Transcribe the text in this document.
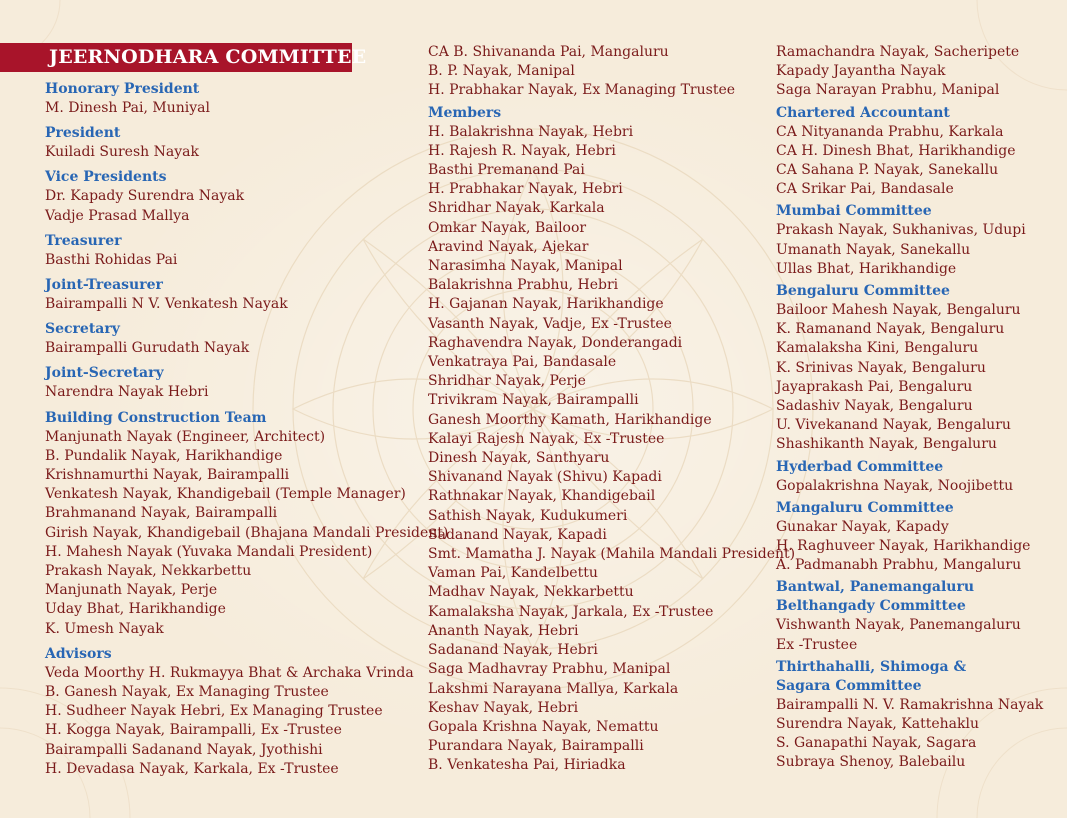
JEERNODHARA COMMITTEE
Honorary President
M. Dinesh Pai, Muniyal
President
Kuiladi Suresh Nayak
Vice Presidents
Dr. Kapady Surendra Nayak
Vadje Prasad Mallya
Treasurer
Basthi Rohidas Pai
Joint-Treasurer
Bairampalli N V. Venkatesh Nayak
Secretary
Bairampalli Gurudath Nayak
Joint-Secretary
Narendra Nayak Hebri
Building Construction Team
Manjunath Nayak (Engineer, Architect)
B. Pundalik Nayak, Harikhandige
Krishnamurthi Nayak, Bairampalli
Venkatesh Nayak, Khandigebail (Temple Manager)
Brahmanand Nayak, Bairampalli
Girish Nayak, Khandigebail (Bhajana Mandali President)
H. Mahesh Nayak (Yuvaka Mandali President)
Prakash Nayak, Nekkarbettu
Manjunath Nayak, Perje
Uday Bhat, Harikhandige
K. Umesh Nayak
Advisors
Veda Moorthy H. Rukmayya Bhat & Archaka Vrinda
B. Ganesh Nayak, Ex Managing Trustee
H. Sudheer Nayak Hebri, Ex Managing Trustee
H. Kogga Nayak, Bairampalli, Ex -Trustee
Bairampalli Sadanand Nayak, Jyothishi
H. Devadasa Nayak, Karkala, Ex -Trustee
CA B. Shivananda Pai, Mangaluru
B. P. Nayak, Manipal
H. Prabhakar Nayak, Ex Managing Trustee
Members
H. Balakrishna Nayak, Hebri
H. Rajesh R. Nayak, Hebri
Basthi Premanand Pai
H. Prabhakar Nayak, Hebri
Shridhar Nayak, Karkala
Omkar Nayak, Bailoor
Aravind Nayak, Ajekar
Narasimha Nayak, Manipal
Balakrishna Prabhu, Hebri
H. Gajanan Nayak, Harikhandige
Vasanth Nayak, Vadje, Ex -Trustee
Raghavendra Nayak, Donderangadi
Venkatraya Pai, Bandasale
Shridhar Nayak, Perje
Trivikram Nayak, Bairampalli
Ganesh Moorthy Kamath, Harikhandige
Kalayi Rajesh Nayak, Ex -Trustee
Dinesh Nayak, Santhyaru
Shivanand Nayak (Shivu) Kapadi
Rathnakar Nayak, Khandigebail
Sathish Nayak, Kudukumeri
Sadanand Nayak, Kapadi
Smt. Mamatha J. Nayak (Mahila Mandali President)
Vaman Pai, Kandelbettu
Madhav Nayak, Nekkarbettu
Kamalaksha Nayak, Jarkala, Ex -Trustee
Ananth Nayak, Hebri
Sadanand Nayak, Hebri
Saga Madhavray Prabhu, Manipal
Lakshmi Narayana Mallya, Karkala
Keshav Nayak, Hebri
Gopala Krishna Nayak, Nemattu
Purandara Nayak, Bairampalli
B. Venkatesha Pai, Hiriadka
Ramachandra Nayak, Sacheripete
Kapady Jayantha Nayak
Saga Narayan Prabhu, Manipal
Chartered Accountant
CA Nityananda Prabhu, Karkala
CA H. Dinesh Bhat, Harikhandige
CA Sahana P. Nayak, Sanekallu
CA Srikar Pai, Bandasale
Mumbai Committee
Prakash Nayak, Sukhanivas, Udupi
Umanath Nayak, Sanekallu
Ullas Bhat, Harikhandige
Bengaluru Committee
Bailoor Mahesh Nayak, Bengaluru
K. Ramanand Nayak, Bengaluru
Kamalaksha Kini, Bengaluru
K. Srinivas Nayak, Bengaluru
Jayaprakash Pai, Bengaluru
Sadashiv Nayak, Bengaluru
U. Vivekanand Nayak, Bengaluru
Shashikanth Nayak, Bengaluru
Hyderbad Committee
Gopalakrishna Nayak, Noojibettu
Mangaluru Committee
Gunakar Nayak, Kapady
H. Raghuveer Nayak, Harikhandige
A. Padmanabh Prabhu, Mangaluru
Bantwal, Panemangaluru
Belthangady Committee
Vishwanth Nayak, Panemangaluru
Ex -Trustee
Thirthahalli, Shimoga &
Sagara Committee
Bairampalli N. V. Ramakrishna Nayak
Surendra Nayak, Kattehaklu
S. Ganapathi Nayak, Sagara
Subraya Shenoy, Balebailu
